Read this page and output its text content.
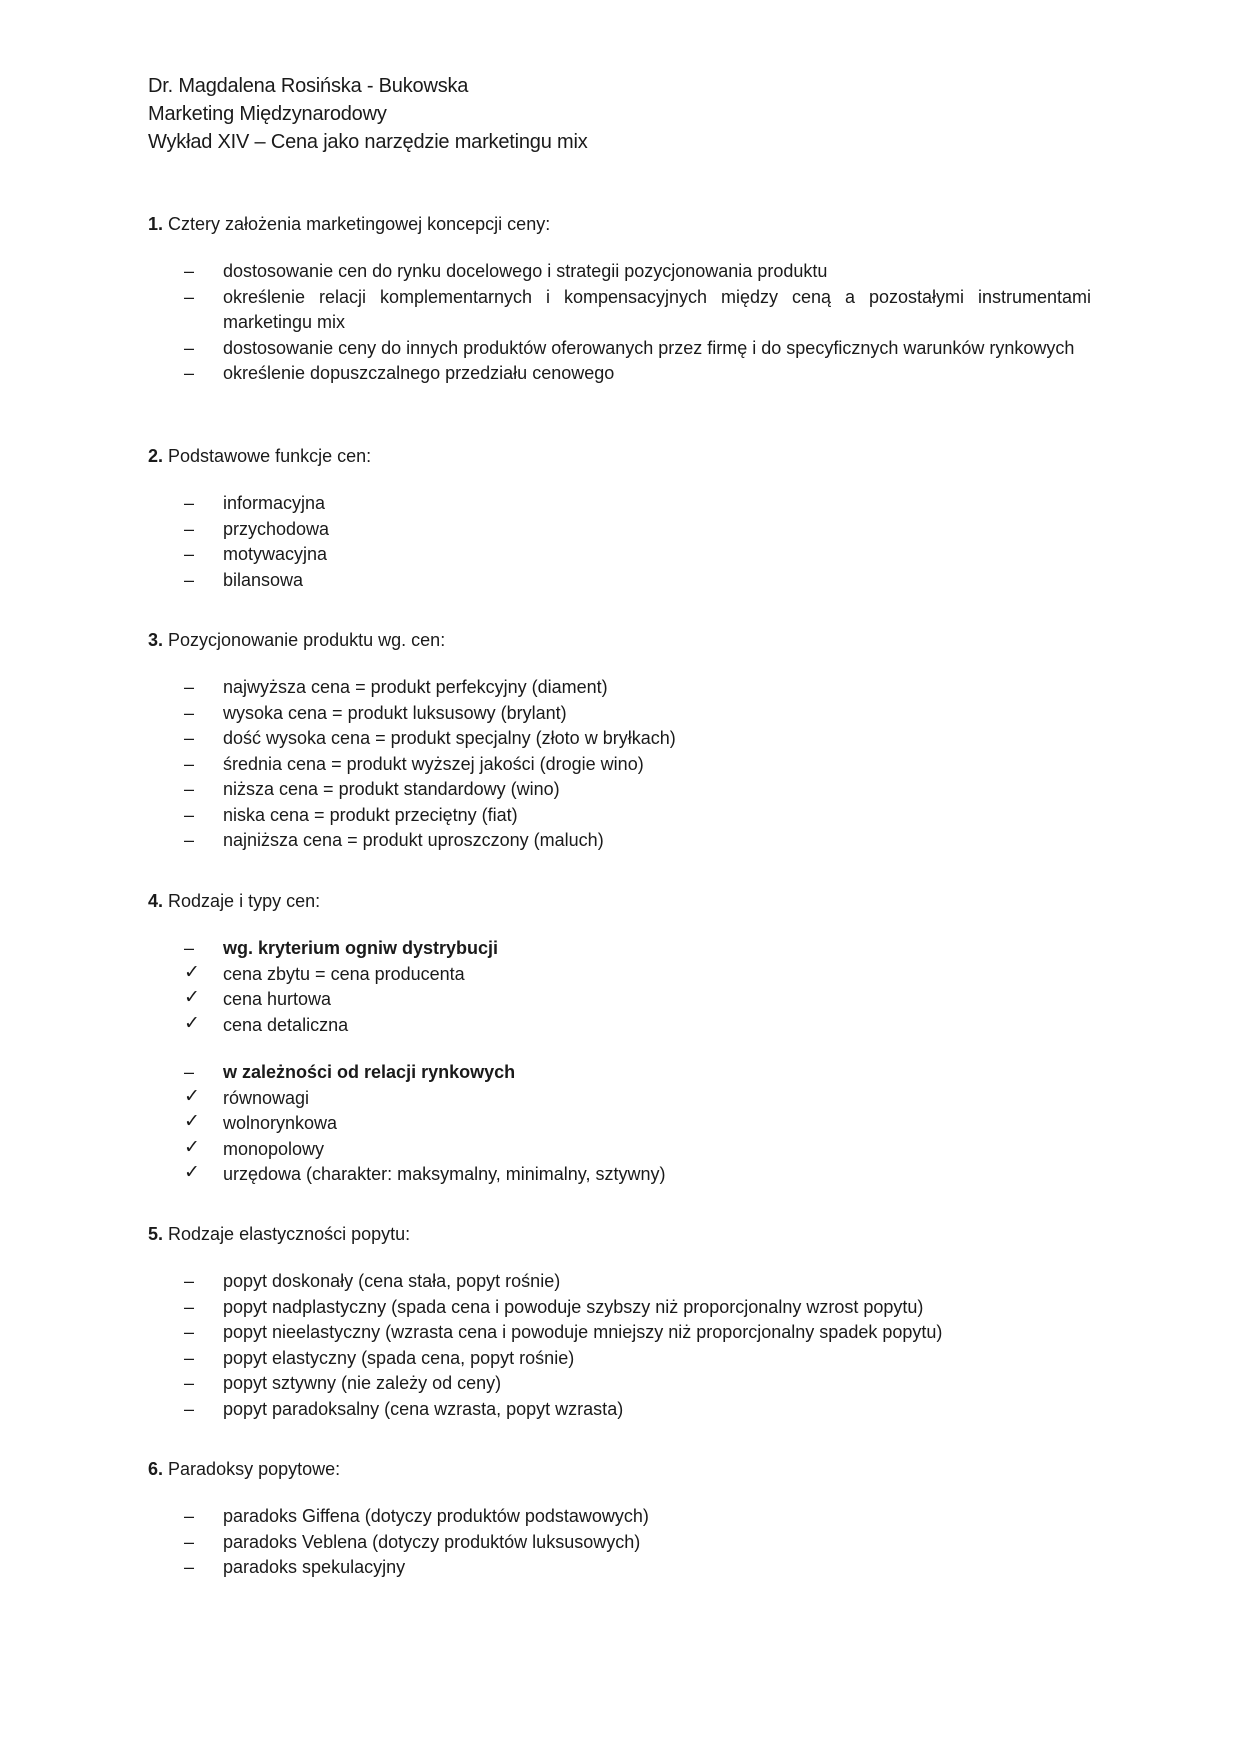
Dr. Magdalena Rosińska - Bukowska
Marketing Międzynarodowy
Wykład XIV – Cena jako narzędzie marketingu mix
1. Cztery założenia marketingowej koncepcji ceny:
– dostosowanie cen do rynku docelowego i strategii pozycjonowania produktu
– określenie relacji komplementarnych i kompensacyjnych między ceną a pozostałymi instrumentami marketingu mix
– dostosowanie ceny do innych produktów oferowanych przez firmę i do specyficznych warunków rynkowych
– określenie dopuszczalnego przedziału cenowego
2. Podstawowe funkcje cen:
– informacyjna
– przychodowa
– motywacyjna
– bilansowa
3. Pozycjonowanie produktu wg. cen:
– najwyższa cena = produkt perfekcyjny (diament)
– wysoka cena = produkt luksusowy (brylant)
– dość wysoka cena = produkt specjalny (złoto w bryłkach)
– średnia cena = produkt wyższej jakości (drogie wino)
– niższa cena = produkt standardowy (wino)
– niska cena = produkt przeciętny (fiat)
– najniższa cena = produkt uproszczony (maluch)
4. Rodzaje i typy cen:
– wg. kryterium ogniw dystrybucji
✓ cena zbytu = cena producenta
✓ cena hurtowa
✓ cena detaliczna
– w zależności od relacji rynkowych
✓ równowagi
✓ wolnorynkowa
✓ monopolowy
✓ urzędowa (charakter: maksymalny, minimalny, sztywny)
5. Rodzaje elastyczności popytu:
– popyt doskonały (cena stała, popyt rośnie)
– popyt nadplastyczny (spada cena i powoduje szybszy niż proporcjonalny wzrost popytu)
– popyt nieelastyczny (wzrasta cena i powoduje mniejszy niż proporcjonalny spadek popytu)
– popyt elastyczny (spada cena, popyt rośnie)
– popyt sztywny (nie zależy od ceny)
– popyt paradoksalny (cena wzrasta, popyt wzrasta)
6. Paradoksy popytowe:
– paradoks Giffena (dotyczy produktów podstawowych)
– paradoks Veblena (dotyczy produktów luksusowych)
– paradoks spekulacyjny
